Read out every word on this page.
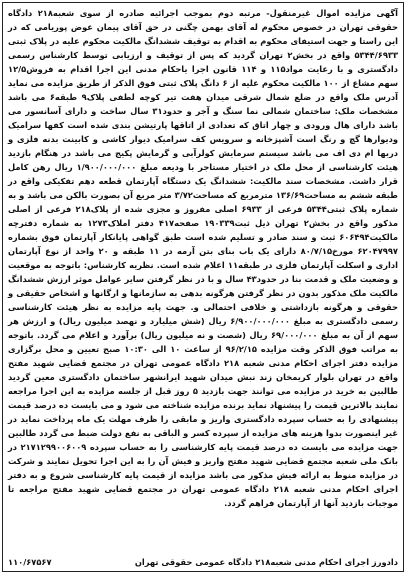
آگهی مزایده اموال غیرمنقول- مرتبه دوم بموجب اجرائیه صادره از سوی شعبه۲۱۸ دادگاه حقوقی تهران در خصوص محکوم له آقای بهمن چگنی در حق آقای پیمان عوض پوریامی که در این راستا و جهت استیفای محکوم به اقدام به توقیف ششدانگ مالکیت محکوم علیه در پلاک ثبتی ۵۳۴۴/۶۹۳۳ واقع در بخش۲ تهران گردید که پس از توقیف و ارزیابی توسط کارشناس رسمی دادگستری و با رعایت مواد۱۱۵ و ۱۱۴ قانون اجرا یاحکام مدنی این اجرا اقدام به فروش۱۲/۵ سهم مشاع از ۱۰۰ مالکیت محکوم علیه از ۶ دانگ پلاک ثبتی فوق الذکر از طریق مزایده می نماید آدرس ملک واقع در ضلع شمال شرقی میدان هفت تیر کوچه لطفی پلاک۹ طبقه۶ می باشد مشخصات ملک: ساختمان شمالی نما سنگ و آجر و حدود۳۱ سال ساخت و دارای آسانسور می باشد دارای هال ورودی و چهار اتاق که تعدادی از اتاقها پارتیشن بندی شده است کفها سرامیک ودیوارها گچ و رنگ است آشپزخانه و سرویس کف سرامیک دیوار کاشی و کابینت بدنه فلزی و دربها ام دی اف می باشد سیستم سرمایش کولرآبی و گرمایش پکیج می باشد در هنگام بازدید هیئت کارشناسی از محل ملک در اختیار مستاجر با ودیعه مبلغ ۱/۹۰۰/۰۰۰/۰۰۰ ریال رهن کامل قرار داشت. مشخصات سند مالکیت: ششدانگ یک دستگاه آپارتمان قطعه دهم تفکیکی واقع در طبقه ششم به مساحت۱۳۶/۶۹ مترمربع که مساحت۳/۷۲ متر مربع آن بصورت بالکن می باشد و به شماره پلاک ثبتی۵۳۴۴ فرعی از ۶۹۳۳ اصلی مفروز و مجزی شده از پلاک۲۱۸ فرعی از اصلی مذکور واقع در بخش۲ تهران ذیل ثبت۱۹۰۳۳۹ صفحه۴۱۷ دفتر املاک۱۲۷۳ به شماره دفترچه مالکیت۶۰۶۴۹۴ ثبت و سند صادر و تسلیم شده است طبق گواهی پایانکار آپارتمان فوق بشماره ۶۲۰۴۷۹۹۷ مورخ۸۰/۷/۱۵ دارای یک باب بنای بتن آرمه در ۱۱ طبقه و ۲۰ واحد از نوع آپارتمان اداری و اسکلت آپارتمان فلزی در طبقه۱۱ اعلام شده است. نظریه کارشناس: باتوجه به موقعیت و وضعیت ملک و قدمت بنا در حدود۴۳ سال و با در نظر گرفتن سایر عوامل موثر ارزش ششدانگ مالکیت ملک مذکور بدون در نظر گرفتن هرگونه بدهی به سازمانها و ارگانها و اشخاص حقیقی و حقوقی و هرگونه بازداشتی و خلافی احتمالی و. جهت پایه مزایده به نظر هیئت کارشناسی رسمی دادگستری به مبلغ ۶/۹۰۰/۰۰۰/۰۰۰ ریال (شش میلیارد و نهصد میلیون ریال) و ارزش هر سهم از آن به مبلغ ۶۹/۰۰۰/۰۰۰ ریال (شصت و نه میلیون ریال) برآورد و اعلام می گردد. باتوجه به مراتب فوق الذکر وقت مزایده ۹۶/۲/۱۵ از ساعت ۱۰ الی ۱۰:۳۰ صبح تعیین و محل برگزاری مزایده دفتر اجرای احکام مدنی شعبه ۲۱۸ دادگاه عمومی تهران در مجتمع قضایی شهید مفتح واقع در تهران بلوار کریمخان زند نبش میدان شهید ایرانشهر ساختمان دادگستری معین گردید طالبین به خرید در مزایده می توانند جهت بازدید ۵ روز قبل از جلسه مزایده به این اجرا مراجعه نمایند بالاترین قیمت را پیشنهاد نماید برنده مزایده شناخته می شود و می بایست ده درصد قیمت پیشنهادی را به حساب سپرده دادگستری واریز و مابقی را ظرف مهلت یک ماه پرداخت نماید در غیر اینصورت بدوا هزینه های مزایده از سپرده کسر و الباقی به نفع دولت ضبط می گردد طالبین جهت مزایده می بایست ده درصد قیمت پایه کارشناسی را به حساب سپرده ۲۱۷۱۲۹۹۰۰۶۰۰۹ در بانک ملی شعبه مجتمع قضایی شهید مفتح واریز و فیش آن را به این اجرا تحویل نمایند و شرکت در مزایده منوط به ارائه فیش مذکور می باشد مزایده از قیمت پایه کارشناسی شروع و به دفتر اجرای احکام مدنی شعبه ۲۱۸ دادگاه عمومی تهران در مجتمع قضایی شهید مفتح مراجعه تا موجبات بازدید آنها از آپارتمان فراهم گردد.

دادورز اجرای احکام مدنی شعبه۲۱۸ دادگاه عمومی حقوقی تهران
۱۱۰/۶۷۵۶۷
